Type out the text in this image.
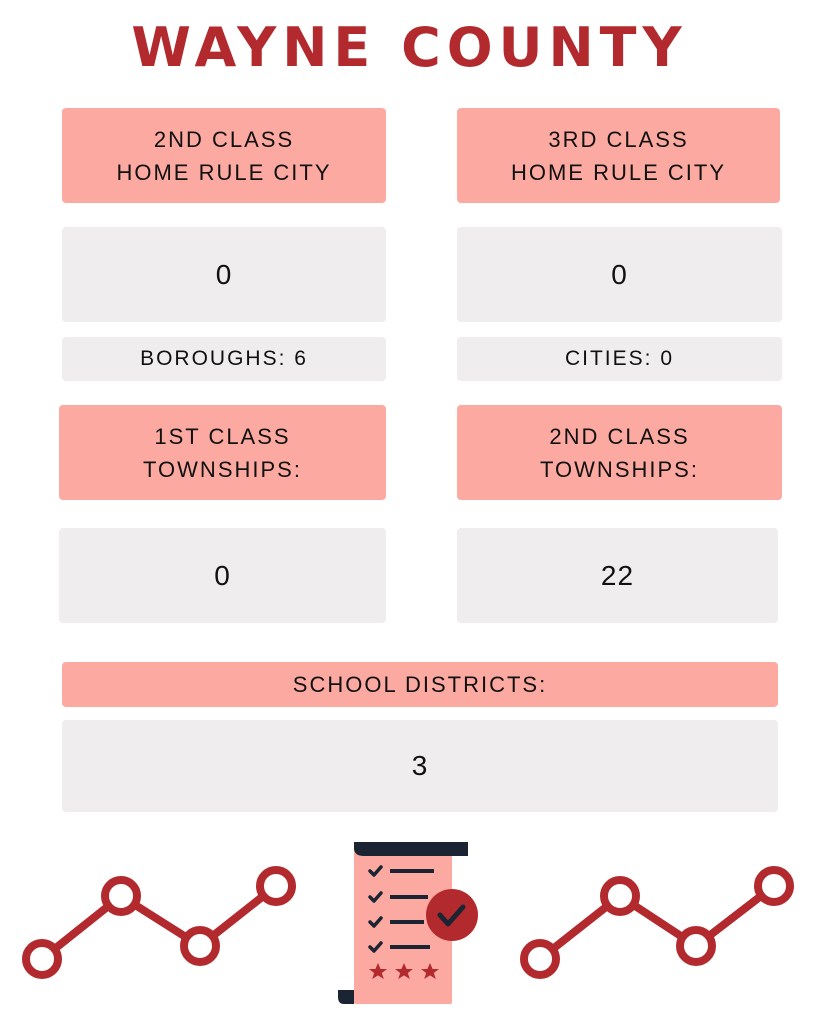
WAYNE COUNTY
2ND CLASS
HOME RULE CITY
3RD CLASS
HOME RULE CITY
0	0
BOROUGHS: 6	CITIES: 0
1ST CLASS
TOWNSHIPS:
2ND CLASS
TOWNSHIPS:
0	22
SCHOOL DISTRICTS:
3
